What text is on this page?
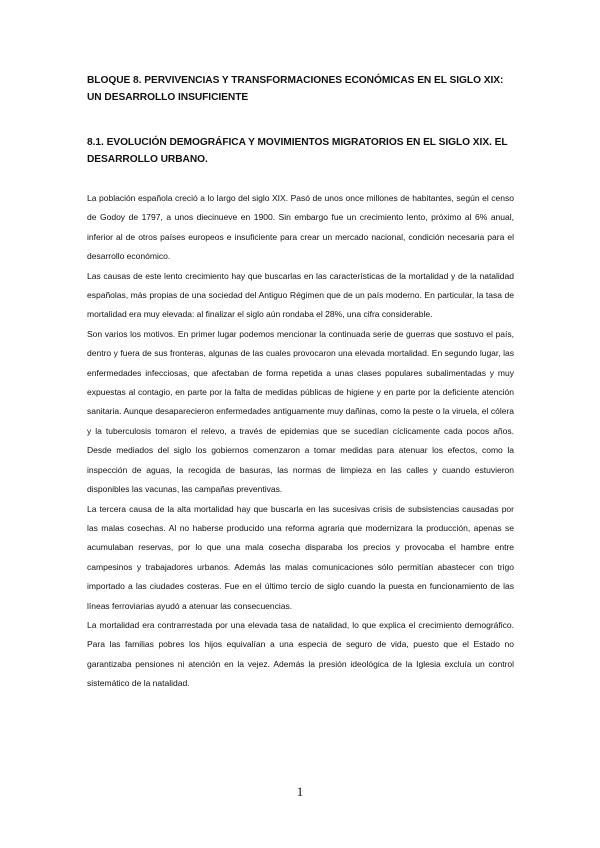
BLOQUE 8. PERVIVENCIAS Y TRANSFORMACIONES ECONÓMICAS EN EL SIGLO XIX: UN DESARROLLO INSUFICIENTE
8.1. EVOLUCIÓN DEMOGRÁFICA Y MOVIMIENTOS MIGRATORIOS EN EL SIGLO XIX. EL DESARROLLO URBANO.

La población española creció a lo largo del siglo XIX. Pasó de unos once millones de habitantes, según el censo de Godoy de 1797, a unos diecinueve en 1900. Sin embargo fue un crecimiento lento, próximo al 6% anual, inferior al de otros países europeos e insuficiente para crear un mercado nacional, condición necesaria para el desarrollo económico.

Las causas de este lento crecimiento hay que buscarlas en las características de la mortalidad y de la natalidad españolas, más propias de una sociedad del Antiguo Régimen que de un país moderno. En particular, la tasa de mortalidad era muy elevada: al finalizar el siglo aún rondaba el 28%, una cifra considerable.

Son varios los motivos. En primer lugar podemos mencionar la continuada serie de guerras que sostuvo el país, dentro y fuera de sus fronteras, algunas de las cuales provocaron una elevada mortalidad. En segundo lugar, las enfermedades infecciosas, que afectaban de forma repetida a unas clases populares subalimentadas y muy expuestas al contagio, en parte por la falta de medidas públicas de higiene y en parte por la deficiente atención sanitaria. Aunque desaparecieron enfermedades antiguamente muy dañinas, como la peste o la viruela, el cólera y la tuberculosis tomaron el relevo, a través de epidemias que se sucedían cíclicamente cada pocos años. Desde mediados del siglo los gobiernos comenzaron a tomar medidas para atenuar los efectos, como la inspección de aguas, la recogida de basuras, las normas de limpieza en las calles y cuando estuvieron disponibles las vacunas, las campañas preventivas.

La tercera causa de la alta mortalidad hay que buscarla en las sucesivas crisis de subsistencias causadas por las malas cosechas. Al no haberse producido una reforma agraria que modernizara la producción, apenas se acumulaban reservas, por lo que una mala cosecha disparaba los precios y provocaba el hambre entre campesinos y trabajadores urbanos. Además las malas comunicaciones sólo permitían abastecer con trigo importado a las ciudades costeras. Fue en el último tercio de siglo cuando la puesta en funcionamiento de las líneas ferroviarias ayudó a atenuar las consecuencias.

La mortalidad era contrarrestada por una elevada tasa de natalidad, lo que explica el crecimiento demográfico. Para las familias pobres los hijos equivalían a una especia de seguro de vida, puesto que el Estado no garantizaba pensiones ni atención en la vejez. Además la presión ideológica de la Iglesia excluía un control sistemático de la natalidad.

1
